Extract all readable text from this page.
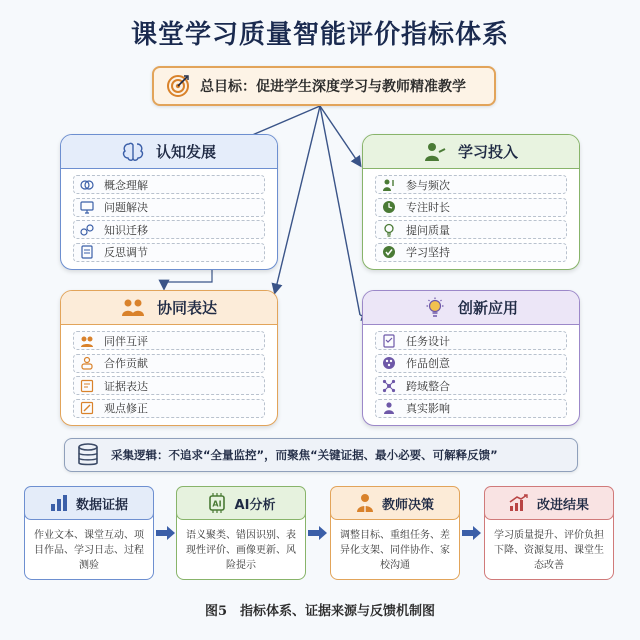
课堂学习质量智能评价指标体系
总目标：促进学生深度学习与教师精准教学
认知发展
概念理解
问题解决
知识迁移
反思调节
学习投入
参与频次
专注时长
提问质量
学习坚持
协同表达
同伴互评
合作贡献
证据表达
观点修正
创新应用
任务设计
作品创意
跨域整合
真实影响
采集逻辑：不追求“全量监控”，而聚焦“关键证据、最小必要、可解释反馈”
作业文本、课堂互动、项目作品、学习日志、过程测验
数据证据
语义聚类、错因识别、表现性评价、画像更新、风险提示
AI AI分析
调整目标、重组任务、差异化支架、同伴协作、家校沟通
教师决策
学习质量提升、评价负担下降、资源复用、课堂生态改善
改进结果
图5　指标体系、证据来源与反馈机制图
